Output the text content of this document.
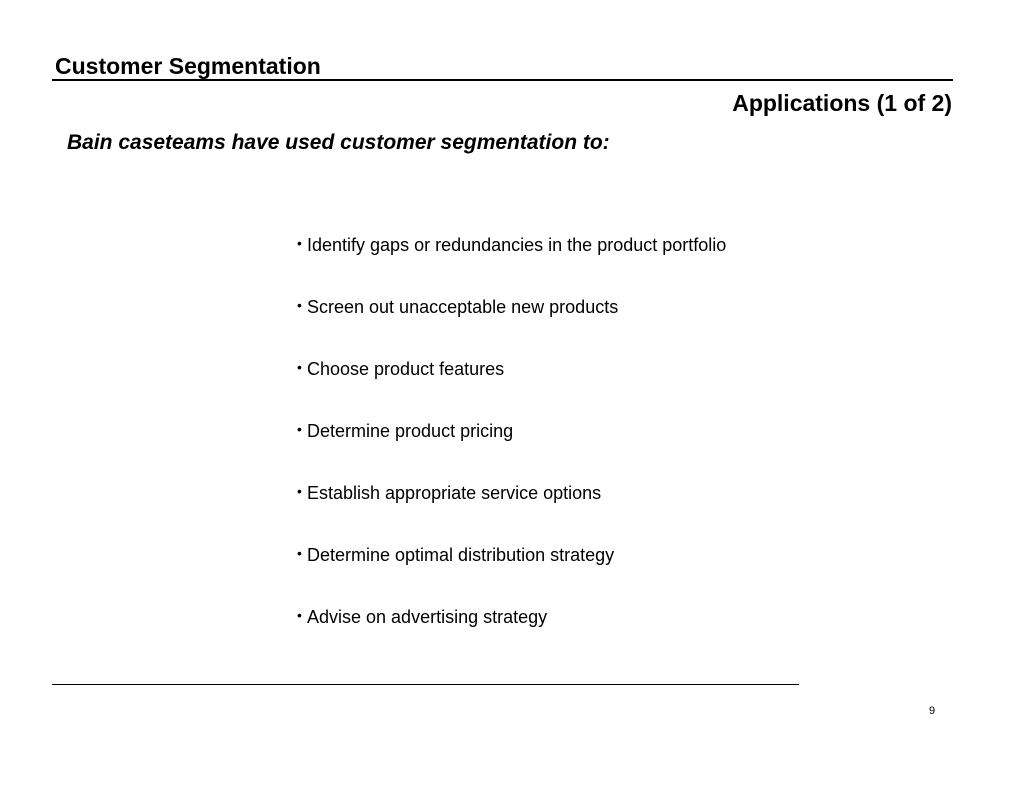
Customer Segmentation
Applications (1 of 2)

Bain caseteams have used customer segmentation to:

• Identify gaps or redundancies in the product portfolio
• Screen out unacceptable new products
• Choose product features
• Determine product pricing
• Establish appropriate service options
• Determine optimal distribution strategy
• Advise on advertising strategy
9
